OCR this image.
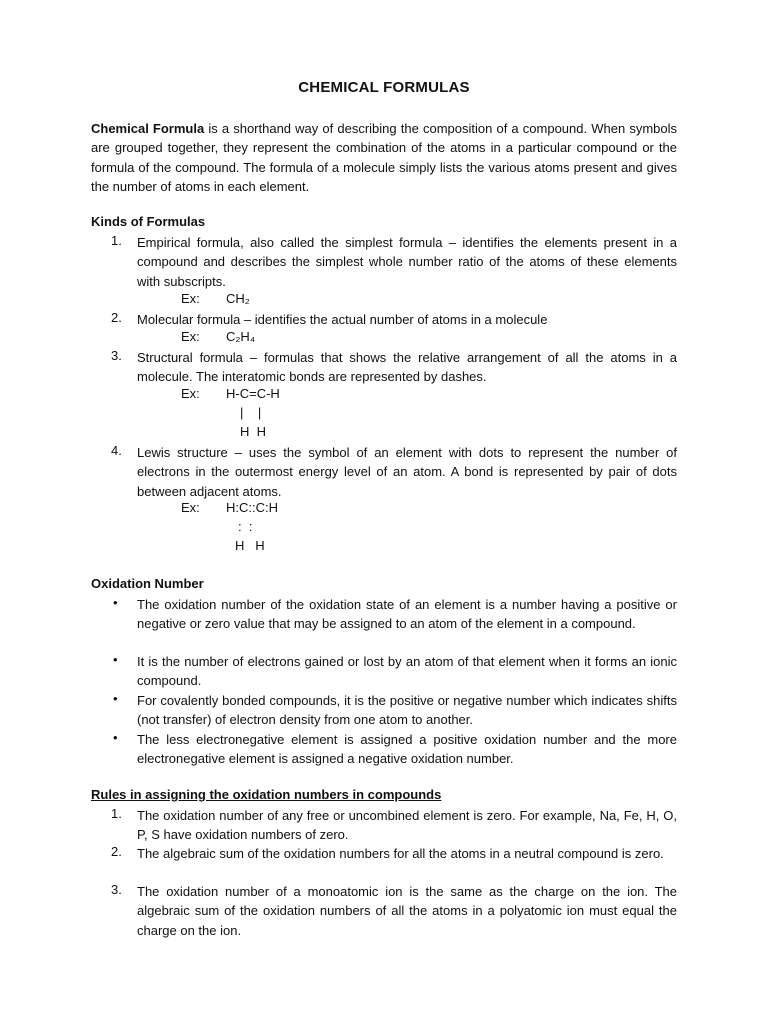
CHEMICAL FORMULAS
Chemical Formula is a shorthand way of describing the composition of a compound. When symbols are grouped together, they represent the combination of the atoms in a particular compound or the formula of the compound. The formula of a molecule simply lists the various atoms present and gives the number of atoms in each element.
Kinds of Formulas
1.	Empirical formula, also called the simplest formula – identifies the elements present in a compound and describes the simplest whole number ratio of the atoms of these elements with subscripts.
Ex: CH₂
2.	Molecular formula – identifies the actual number of atoms in a molecule
Ex: C₂H₄
3.	Structural formula – formulas that shows the relative arrangement of all the atoms in a molecule. The interatomic bonds are represented by dashes.
Ex: H-C=C-H
|    |
H  H
4.	Lewis structure – uses the symbol of an element with dots to represent the number of electrons in the outermost energy level of an atom. A bond is represented by pair of dots between adjacent atoms.
Ex: H:C::C:H
:  :
H   H
Oxidation Number
• The oxidation number of the oxidation state of an element is a number having a positive or negative or zero value that may be assigned to an atom of the element in a compound.
• It is the number of electrons gained or lost by an atom of that element when it forms an ionic compound.
• For covalently bonded compounds, it is the positive or negative number which indicates shifts (not transfer) of electron density from one atom to another.
• The less electronegative element is assigned a positive oxidation number and the more electronegative element is assigned a negative oxidation number.
Rules in assigning the oxidation numbers in compounds
1.	The oxidation number of any free or uncombined element is zero. For example, Na, Fe, H, O, P, S have oxidation numbers of zero.
2.	The algebraic sum of the oxidation numbers for all the atoms in a neutral compound is zero.
3.	The oxidation number of a monoatomic ion is the same as the charge on the ion. The algebraic sum of the oxidation numbers of all the atoms in a polyatomic ion must equal the charge on the ion.
